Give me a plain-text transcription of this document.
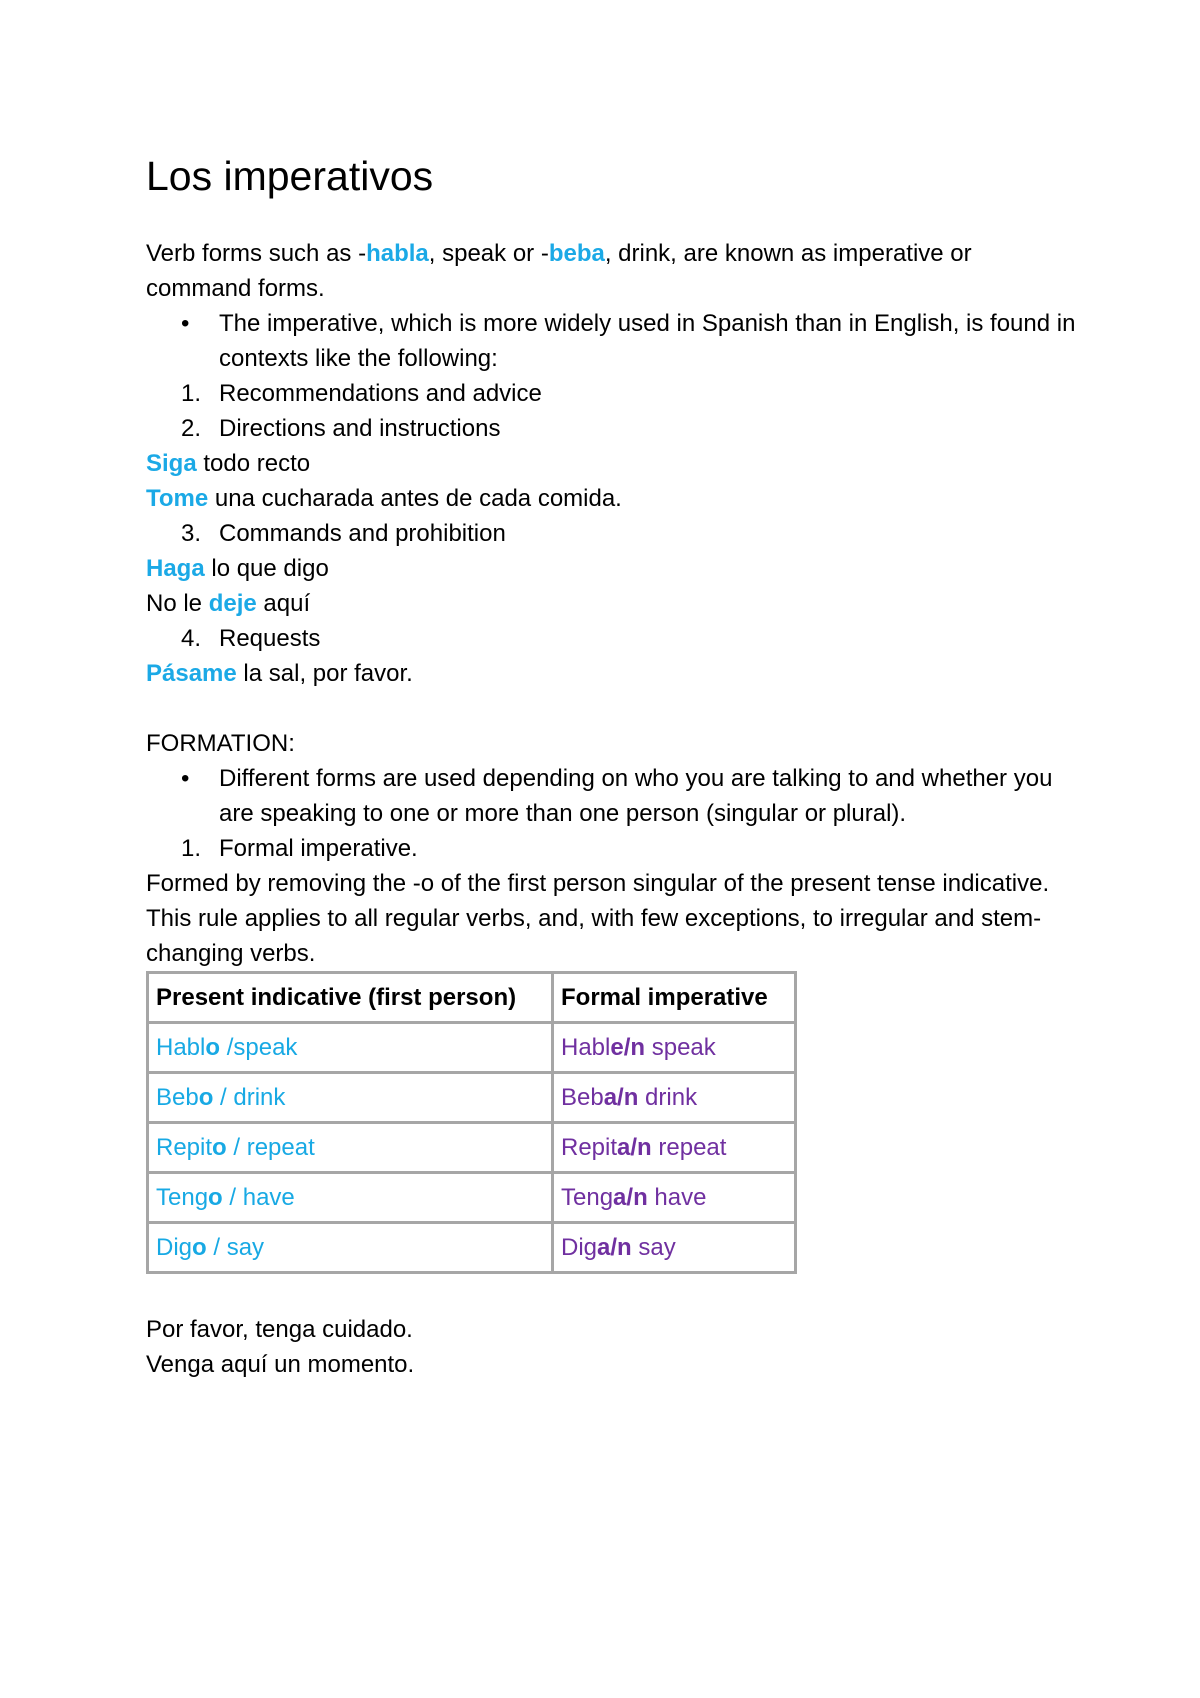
Los imperativos

Verb forms such as -habla, speak or -beba, drink, are known as imperative or command forms.

• The imperative, which is more widely used in Spanish than in English, is found in contexts like the following:
1. Recommendations and advice
2. Directions and instructions

Siga todo recto

Tome una cucharada antes de cada comida.

3. Commands and prohibition

Haga lo que digo

No le deje aquí

4. Requests

Pásame la sal, por favor.

FORMATION:

• Different forms are used depending on who you are talking to and whether you are speaking to one or more than one person (singular or plural).
1. Formal imperative.

Formed by removing the -o of the first person singular of the present tense indicative.

This rule applies to all regular verbs, and, with few exceptions, to irregular and stem-changing verbs.

Present indicative (first person)	Formal imperative
Hablo /speak	Hable/n speak
Bebo / drink	Beba/n drink
Repito / repeat	Repita/n repeat
Tengo / have	Tenga/n have
Digo / say	Diga/n say

Por favor, tenga cuidado.

Venga aquí un momento.
